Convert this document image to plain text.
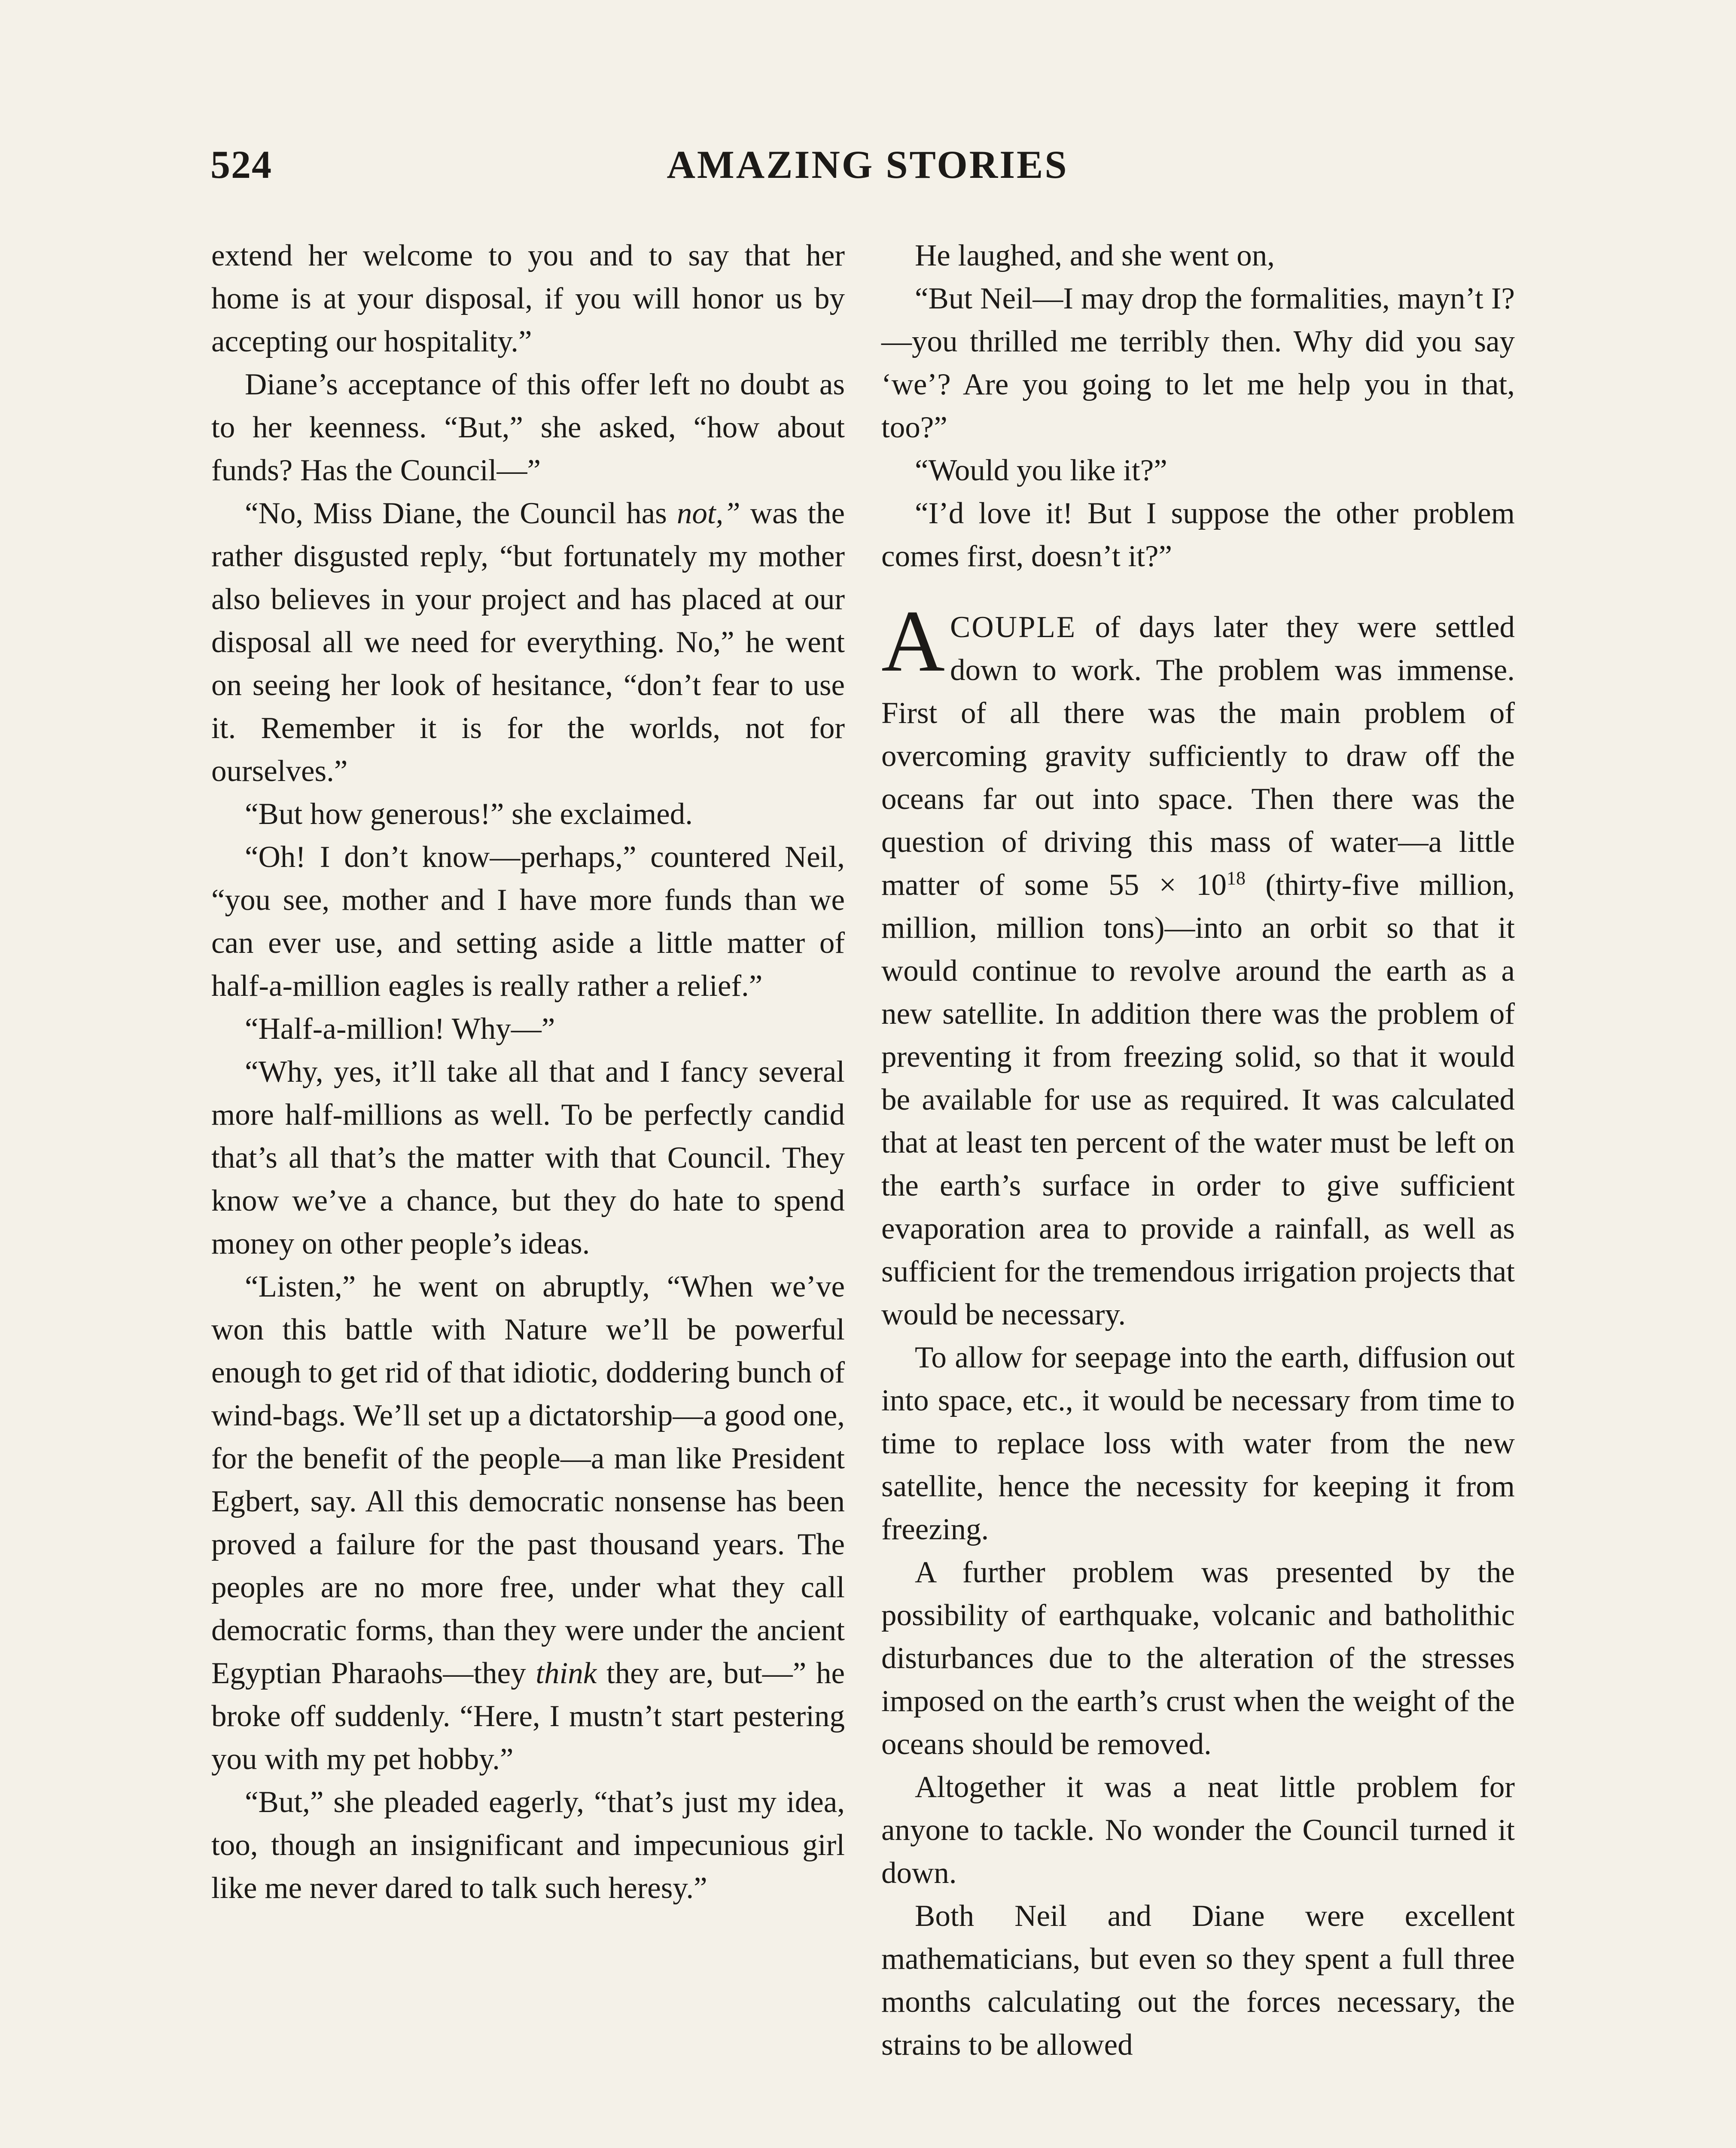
524	AMAZING STORIES

extend her welcome to you and to say that her home is at your disposal, if you will honor us by accepting our hospitality.”

Diane’s acceptance of this offer left no doubt as to her keenness. “But,” she asked, “how about funds? Has the Council—”

“No, Miss Diane, the Council has not,” was the rather disgusted reply, “but fortunately my mother also believes in your project and has placed at our disposal all we need for everything. No,” he went on seeing her look of hesitance, “don’t fear to use it. Remember it is for the worlds, not for ourselves.”

“But how generous!” she exclaimed.

“Oh! I don’t know—perhaps,” countered Neil, “you see, mother and I have more funds than we can ever use, and setting aside a little matter of half-a-million eagles is really rather a relief.”

“Half-a-million! Why—”

“Why, yes, it’ll take all that and I fancy several more half-millions as well. To be perfectly candid that’s all that’s the matter with that Council. They know we’ve a chance, but they do hate to spend money on other people’s ideas.

“Listen,” he went on abruptly, “When we’ve won this battle with Nature we’ll be powerful enough to get rid of that idiotic, doddering bunch of wind-bags. We’ll set up a dictatorship—a good one, for the benefit of the people—a man like President Egbert, say. All this democratic nonsense has been proved a failure for the past thousand years. The peoples are no more free, under what they call democratic forms, than they were under the ancient Egyptian Pharaohs—they think they are, but—” he broke off suddenly. “Here, I mustn’t start pestering you with my pet hobby.”

“But,” she pleaded eagerly, “that’s just my idea, too, though an insignificant and impecunious girl like me never dared to talk such heresy.”

He laughed, and she went on,

“But Neil—I may drop the formalities, mayn’t I?—you thrilled me terribly then. Why did you say ‘we’? Are you going to let me help you in that, too?”

“Would you like it?”

“I’d love it! But I suppose the other problem comes first, doesn’t it?”

ACOUPLE of days later they were settled down to work. The problem was immense. First of all there was the main problem of overcoming gravity sufficiently to draw off the oceans far out into space. Then there was the question of driving this mass of water—a little matter of some $55 \times 10^{18}$ (thirty-five million, million, million tons)—into an orbit so that it would continue to revolve around the earth as a new satellite. In addition there was the problem of preventing it from freezing solid, so that it would be available for use as required. It was calculated that at least ten percent of the water must be left on the earth’s surface in order to give sufficient evaporation area to provide a rainfall, as well as sufficient for the tremendous irrigation projects that would be necessary.

To allow for seepage into the earth, diffusion out into space, etc., it would be necessary from time to time to replace loss with water from the new satellite, hence the necessity for keeping it from freezing.

A further problem was presented by the possibility of earthquake, volcanic and batholithic disturbances due to the alteration of the stresses imposed on the earth’s crust when the weight of the oceans should be removed.

Altogether it was a neat little problem for anyone to tackle. No wonder the Council turned it down.

Both Neil and Diane were excellent mathematicians, but even so they spent a full three months calculating out the forces necessary, the strains to be allowed
